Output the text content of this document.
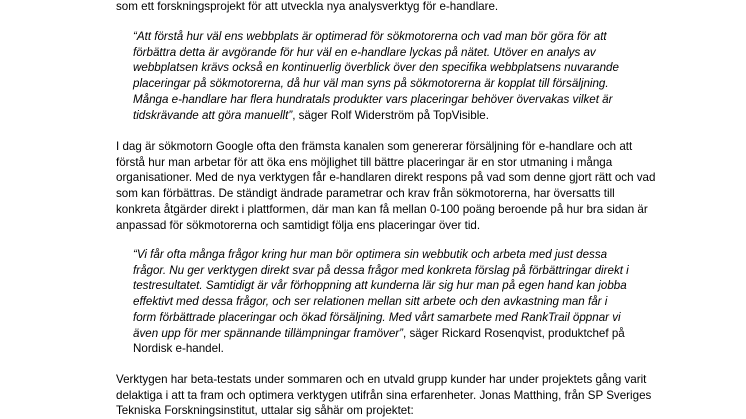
som ett forskningsprojekt för att utveckla nya analysverktyg för e-handlare.

“Att förstå hur väl ens webbplats är optimerad för sökmotorerna och vad man bör göra för att
förbättra detta är avgörande för hur väl en e-handlare lyckas på nätet. Utöver en analys av
webbplatsen krävs också en kontinuerlig överblick över den specifika webbplatsens nuvarande
placeringar på sökmotorerna, då hur väl man syns på sökmotorerna är kopplat till försäljning.
Många e-handlare har flera hundratals produkter vars placeringar behöver övervakas vilket är
tidskrävande att göra manuellt”, säger Rolf Widerström på TopVisible.

I dag är sökmotorn Google ofta den främsta kanalen som genererar försäljning för e-handlare och att
förstå hur man arbetar för att öka ens möjlighet till bättre placeringar är en stor utmaning i många
organisationer. Med de nya verktygen får e-handlaren direkt respons på vad som denne gjort rätt och vad
som kan förbättras. De ständigt ändrade parametrar och krav från sökmotorerna, har översatts till
konkreta åtgärder direkt i plattformen, där man kan få mellan 0-100 poäng beroende på hur bra sidan är
anpassad för sökmotorerna och samtidigt följa ens placeringar över tid.

“Vi får ofta många frågor kring hur man bör optimera sin webbutik och arbeta med just dessa
frågor. Nu ger verktygen direkt svar på dessa frågor med konkreta förslag på förbättringar direkt i
testresultatet. Samtidigt är vår förhoppning att kunderna lär sig hur man på egen hand kan jobba
effektivt med dessa frågor, och ser relationen mellan sitt arbete och den avkastning man får i
form förbättrade placeringar och ökad försäljning. Med vårt samarbete med RankTrail öppnar vi
även upp för mer spännande tillämpningar framöver”, säger Rickard Rosenqvist, produktchef på
Nordisk e-handel.

Verktygen har beta-testats under sommaren och en utvald grupp kunder har under projektets gång varit
delaktiga i att ta fram och optimera verktygen utifrån sina erfarenheter. Jonas Matthing, från SP Sveriges
Tekniska Forskningsinstitut, uttalar sig såhär om projektet:
